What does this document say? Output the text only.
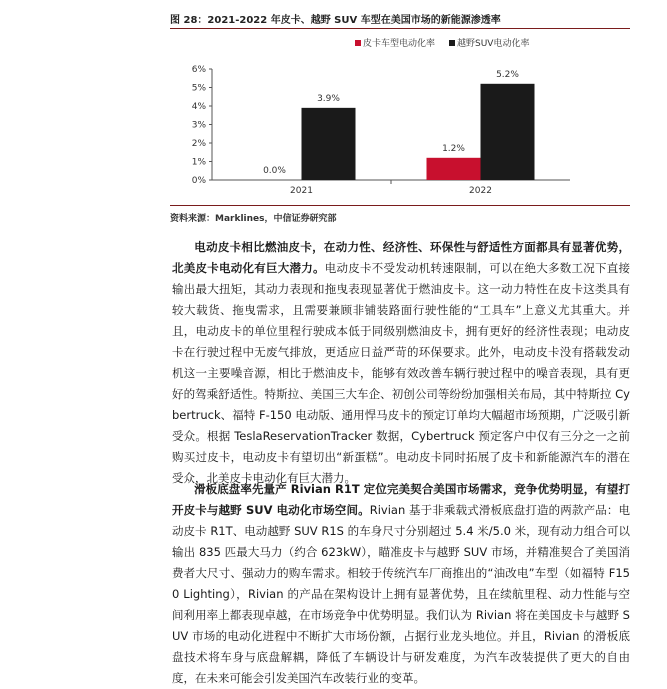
图 28：2021-2022 年皮卡、越野 SUV 车型在美国市场的新能源渗透率
0%
1%
2%
3%
4%
5%
6%
2021
0.0%
3.9%
2022
1.2%
5.2%
皮卡车型电动化率 越野SUV电动化率
资料来源：Marklines，中信证券研究部
电动皮卡相比燃油皮卡，在动力性、经济性、环保性与舒适性方面都具有显著优势，北美皮卡电动化有巨大潜力。电动皮卡不受发动机转速限制，可以在绝大多数工况下直接输出最大扭矩，其动力表现和拖曳表现显著优于燃油皮卡。这一动力特性在皮卡这类具有较大载货、拖曳需求，且需要兼顾非铺装路面行驶性能的“工具车”上意义尤其重大。并且，电动皮卡的单位里程行驶成本低于同级别燃油皮卡，拥有更好的经济性表现；电动皮卡在行驶过程中无废气排放，更适应日益严苛的环保要求。此外，电动皮卡没有搭载发动机这一主要噪音源，相比于燃油皮卡，能够有效改善车辆行驶过程中的噪音表现，具有更好的驾乘舒适性。特斯拉、美国三大车企、初创公司等纷纷加强相关布局，其中特斯拉 Cybertruck、福特 F-150 电动版、通用悍马皮卡的预定订单均大幅超市场预期，广泛吸引新受众。根据 TeslaReservationTracker 数据，Cybertruck 预定客户中仅有三分之一之前购买过皮卡，电动皮卡有望切出“新蛋糕”。电动皮卡同时拓展了皮卡和新能源汽车的潜在受众，北美皮卡电动化有巨大潜力。
滑板底盘率先量产 Rivian R1T 定位完美契合美国市场需求，竞争优势明显，有望打开皮卡与越野 SUV 电动化市场空间。Rivian 基于非乘载式滑板底盘打造的两款产品：电动皮卡 R1T、电动越野 SUV R1S 的车身尺寸分别超过 5.4 米/5.0 米，现有动力组合可以输出 835 匹最大马力（约合 623kW），瞄准皮卡与越野 SUV 市场，并精准契合了美国消费者大尺寸、强动力的购车需求。相较于传统汽车厂商推出的“油改电”车型（如福特 F150 Lighting），Rivian 的产品在架构设计上拥有显著优势，且在续航里程、动力性能与空间利用率上都表现卓越，在市场竞争中优势明显。我们认为 Rivian 将在美国皮卡与越野 SUV 市场的电动化进程中不断扩大市场份额，占据行业龙头地位。并且，Rivian 的滑板底盘技术将车身与底盘解耦，降低了车辆设计与研发难度，为汽车改装提供了更大的自由度，在未来可能会引发美国汽车改装行业的变革。
